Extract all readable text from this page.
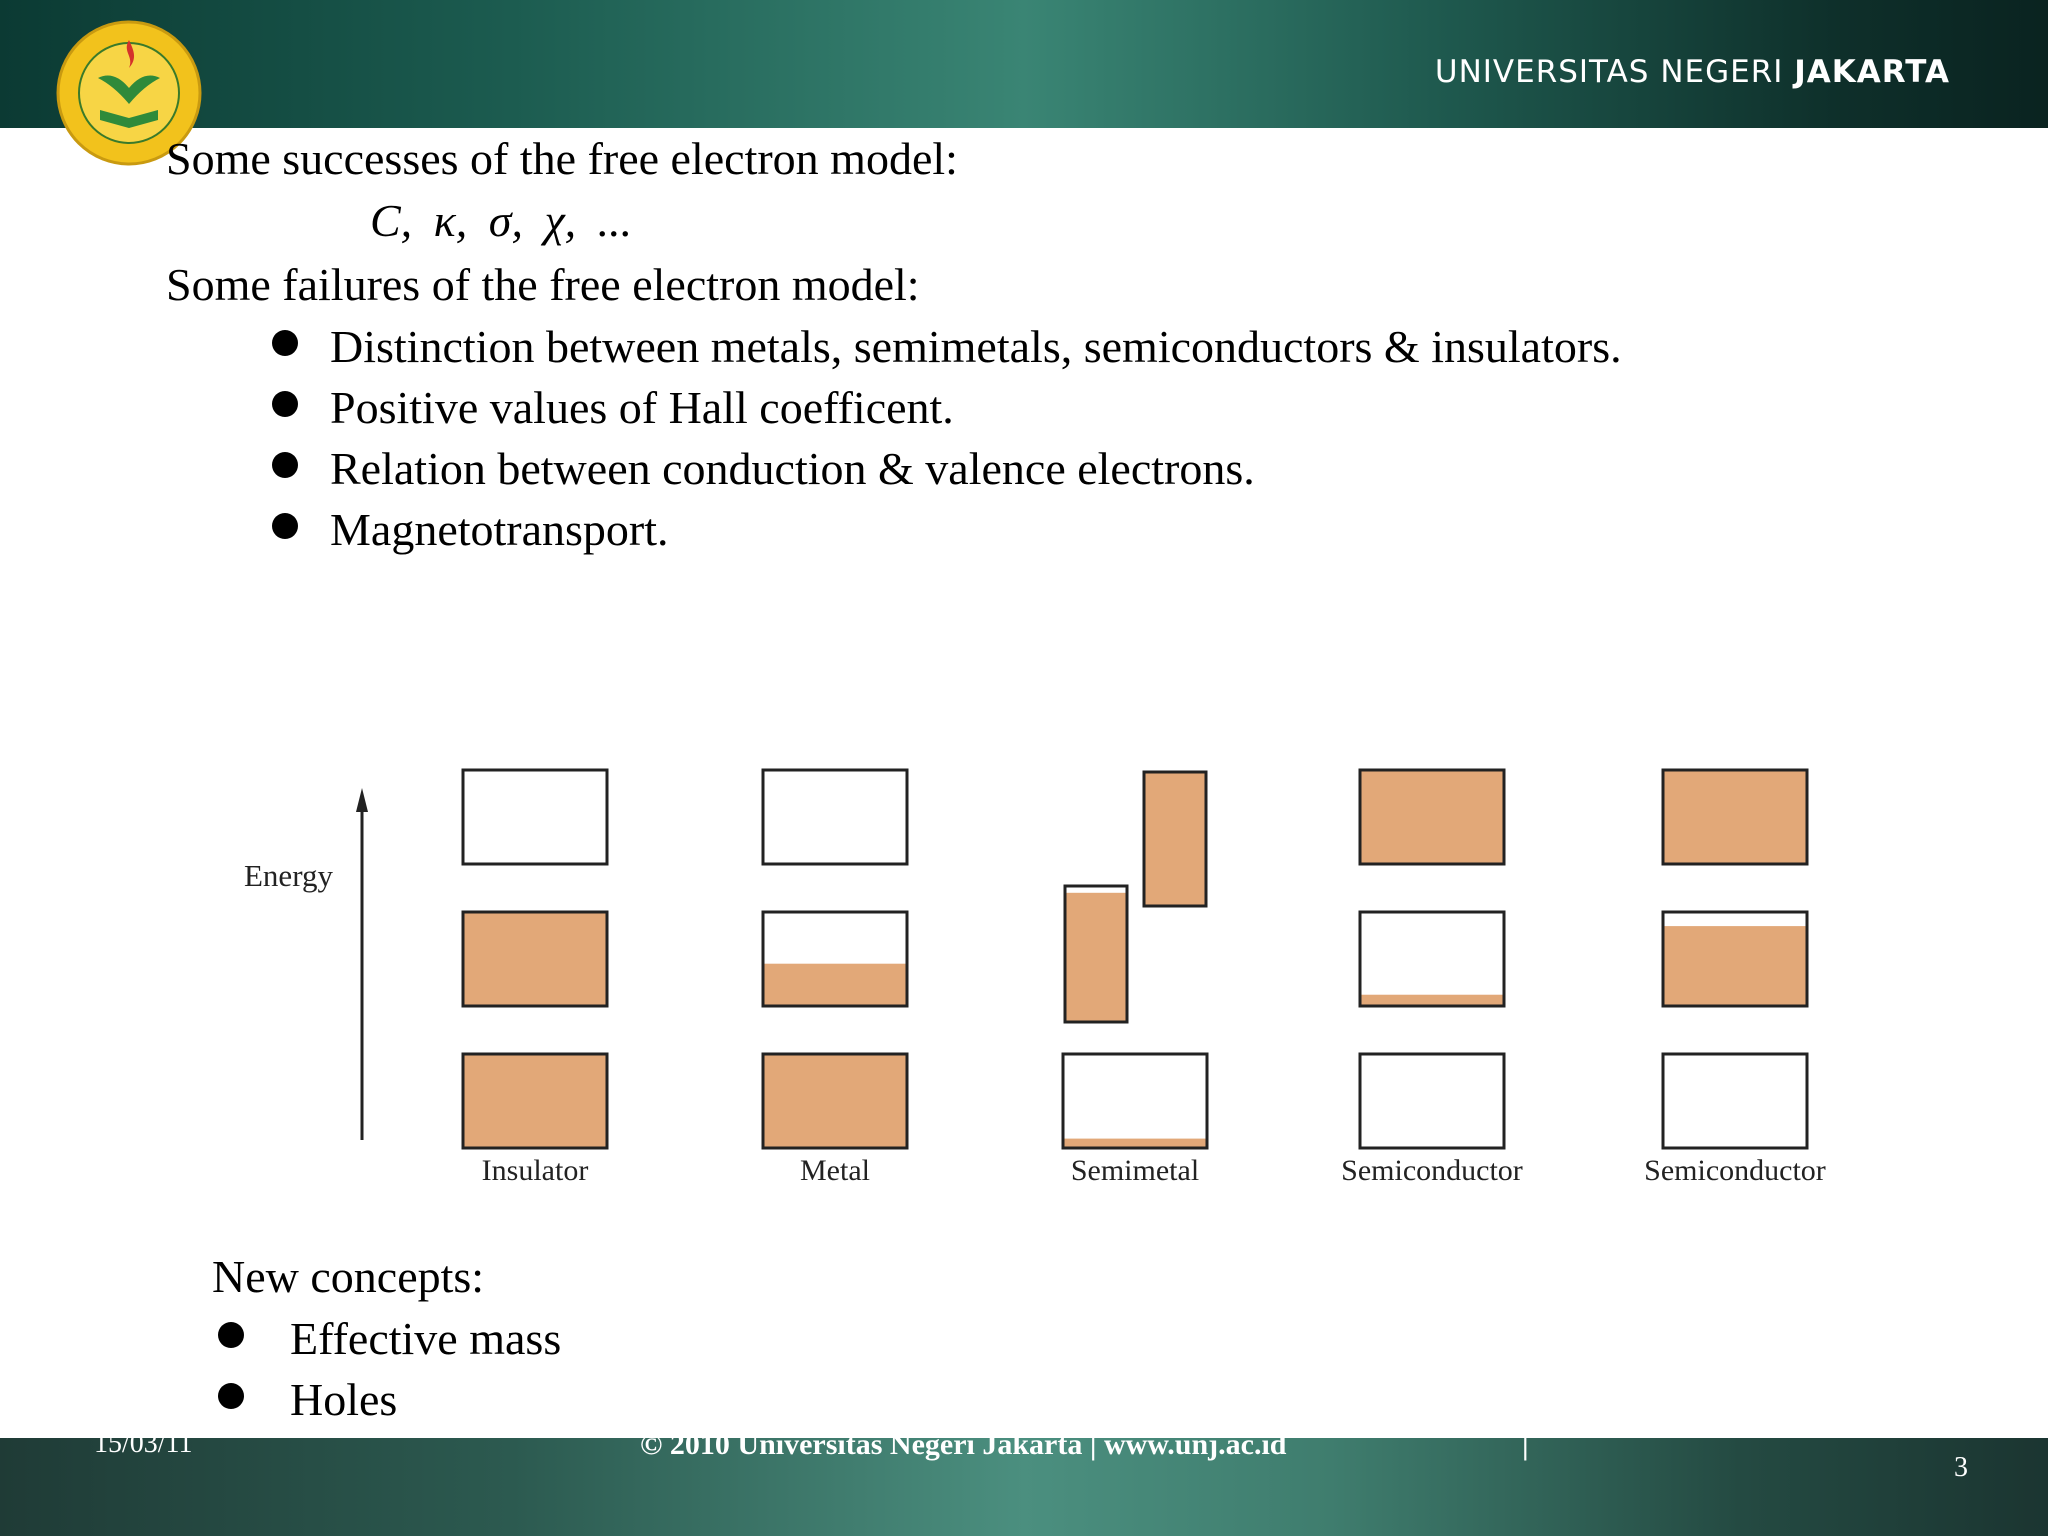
UNIVERSITAS NEGERI JAKARTA
Some successes of the free electron model:
C, κ, σ, χ, ...
Some failures of the free electron model:
Distinction between metals, semimetals, semiconductors & insulators.
Positive values of Hall coefficent.
Relation between conduction & valence electrons.
Magnetotransport.
Energy
Insulator	Metal	Semimetal	Semiconductor	Semiconductor
New concepts:
Effective mass
Holes
15/03/11	© 2010 Universitas Negeri Jakarta | www.unj.ac.id	|
3
